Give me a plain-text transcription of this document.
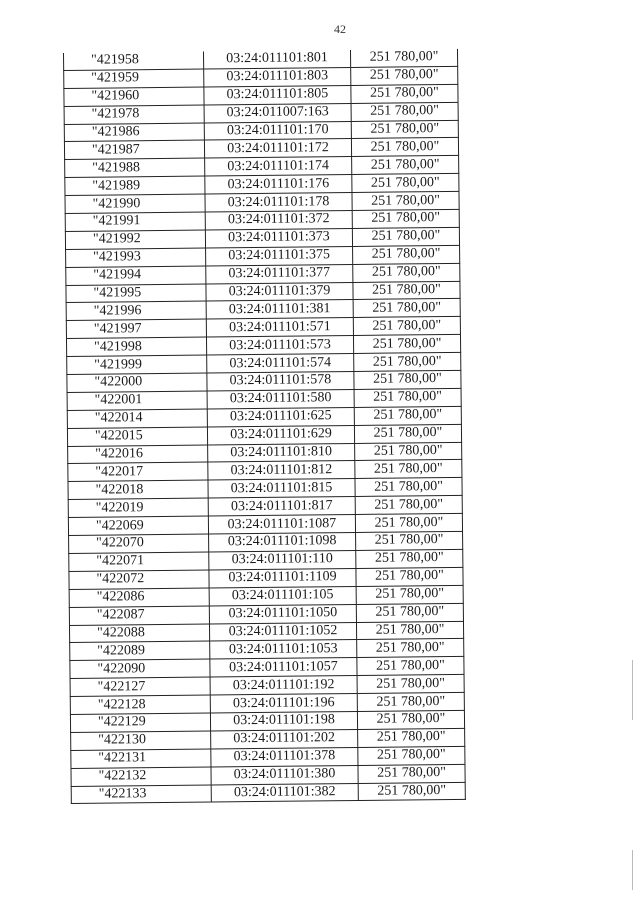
42
"421958	03:24:011101:801	251 780,00"
"421959	03:24:011101:803	251 780,00"
"421960	03:24:011101:805	251 780,00"
"421978	03:24:011007:163	251 780,00"
"421986	03:24:011101:170	251 780,00"
"421987	03:24:011101:172	251 780,00"
"421988	03:24:011101:174	251 780,00"
"421989	03:24:011101:176	251 780,00"
"421990	03:24:011101:178	251 780,00"
"421991	03:24:011101:372	251 780,00"
"421992	03:24:011101:373	251 780,00"
"421993	03:24:011101:375	251 780,00"
"421994	03:24:011101:377	251 780,00"
"421995	03:24:011101:379	251 780,00"
"421996	03:24:011101:381	251 780,00"
"421997	03:24:011101:571	251 780,00"
"421998	03:24:011101:573	251 780,00"
"421999	03:24:011101:574	251 780,00"
"422000	03:24:011101:578	251 780,00"
"422001	03:24:011101:580	251 780,00"
"422014	03:24:011101:625	251 780,00"
"422015	03:24:011101:629	251 780,00"
"422016	03:24:011101:810	251 780,00"
"422017	03:24:011101:812	251 780,00"
"422018	03:24:011101:815	251 780,00"
"422019	03:24:011101:817	251 780,00"
"422069	03:24:011101:1087	251 780,00"
"422070	03:24:011101:1098	251 780,00"
"422071	03:24:011101:110	251 780,00"
"422072	03:24:011101:1109	251 780,00"
"422086	03:24:011101:105	251 780,00"
"422087	03:24:011101:1050	251 780,00"
"422088	03:24:011101:1052	251 780,00"
"422089	03:24:011101:1053	251 780,00"
"422090	03:24:011101:1057	251 780,00"
"422127	03:24:011101:192	251 780,00"
"422128	03:24:011101:196	251 780,00"
"422129	03:24:011101:198	251 780,00"
"422130	03:24:011101:202	251 780,00"
"422131	03:24:011101:378	251 780,00"
"422132	03:24:011101:380	251 780,00"
"422133	03:24:011101:382	251 780,00"
